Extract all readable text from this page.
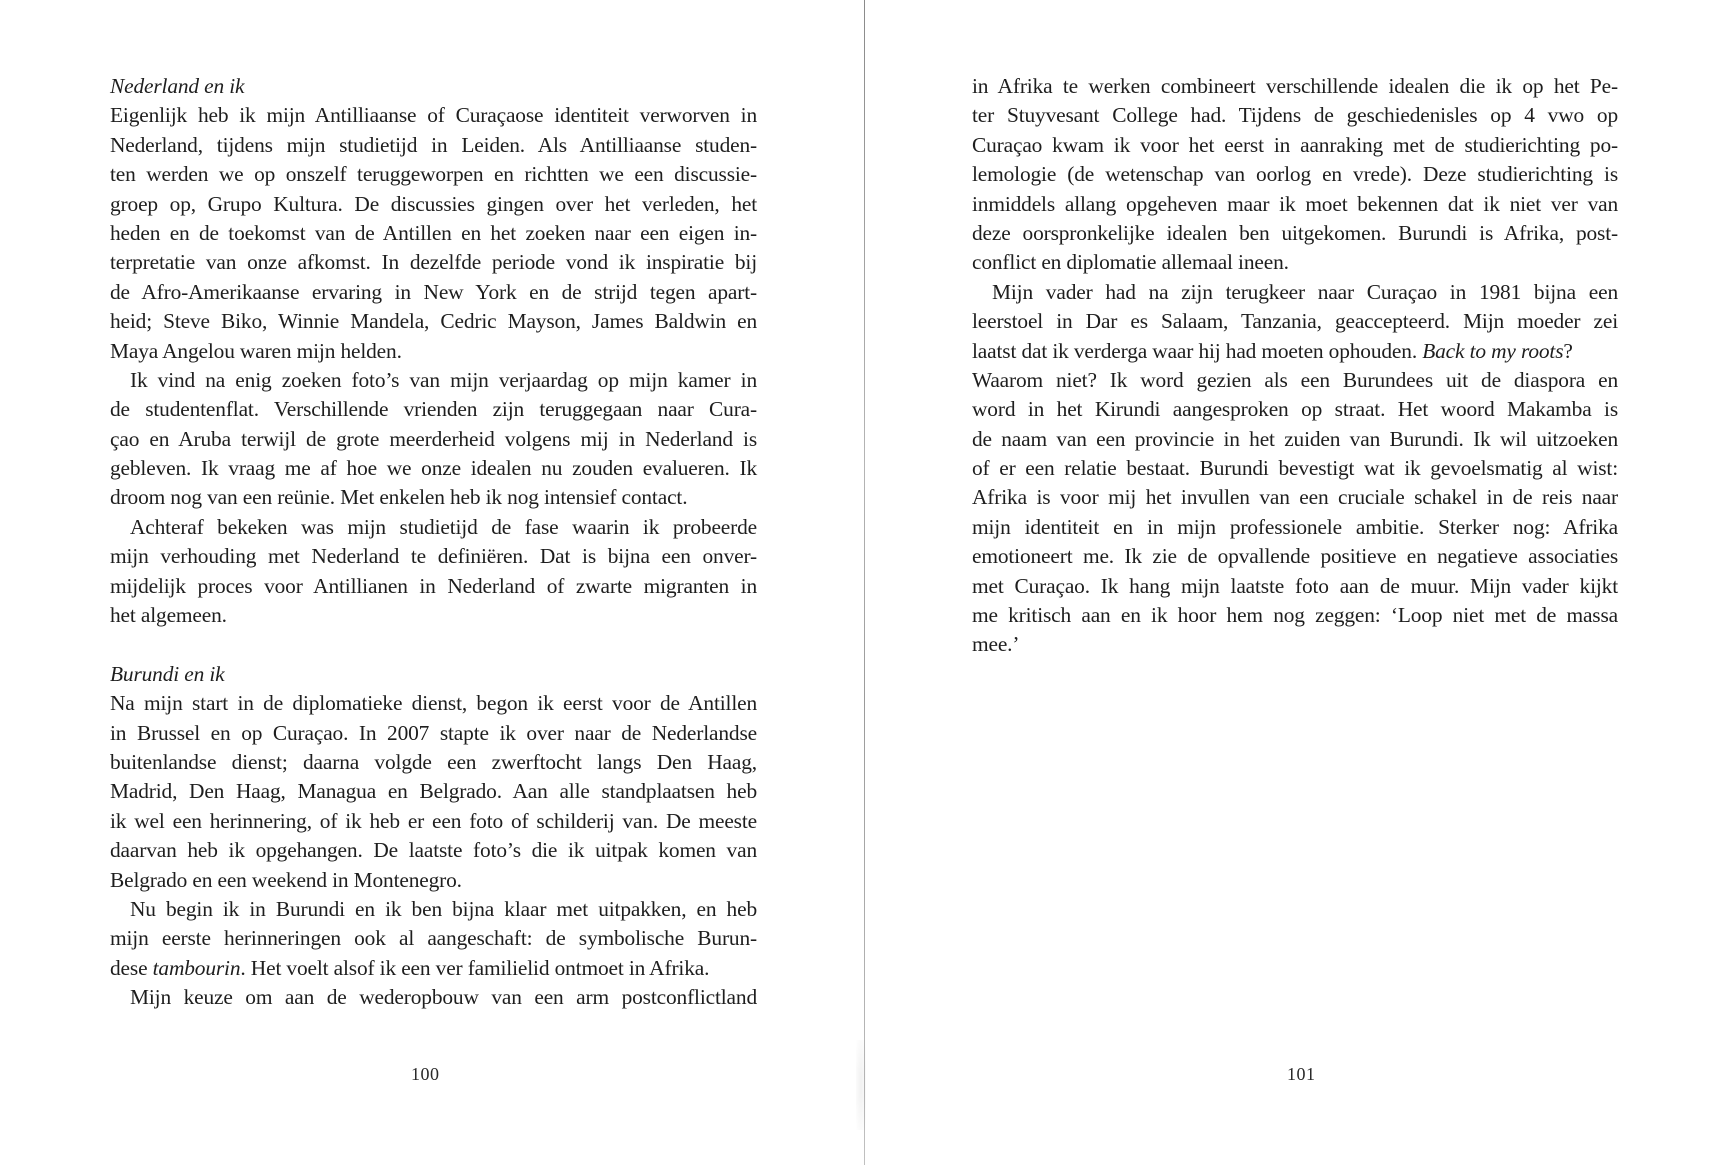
Nederland en ik
Eigenlijk heb ik mijn Antilliaanse of Curaçaose identiteit verworven in
Nederland, tijdens mijn studietijd in Leiden. Als Antilliaanse studen-
ten werden we op onszelf teruggeworpen en richtten we een discussie-
groep op, Grupo Kultura. De discussies gingen over het verleden, het
heden en de toekomst van de Antillen en het zoeken naar een eigen in-
terpretatie van onze afkomst. In dezelfde periode vond ik inspiratie bij
de Afro-Amerikaanse ervaring in New York en de strijd tegen apart-
heid; Steve Biko, Winnie Mandela, Cedric Mayson, James Baldwin en
Maya Angelou waren mijn helden.
Ik vind na enig zoeken foto’s van mijn verjaardag op mijn kamer in
de studentenflat. Verschillende vrienden zijn teruggegaan naar Cura-
çao en Aruba terwijl de grote meerderheid volgens mij in Nederland is
gebleven. Ik vraag me af hoe we onze idealen nu zouden evalueren. Ik
droom nog van een reünie. Met enkelen heb ik nog intensief contact.
Achteraf bekeken was mijn studietijd de fase waarin ik probeerde
mijn verhouding met Nederland te definiëren. Dat is bijna een onver-
mijdelijk proces voor Antillianen in Nederland of zwarte migranten in
het algemeen.
Burundi en ik
Na mijn start in de diplomatieke dienst, begon ik eerst voor de Antillen
in Brussel en op Curaçao. In 2007 stapte ik over naar de Nederlandse
buitenlandse dienst; daarna volgde een zwerftocht langs Den Haag,
Madrid, Den Haag, Managua en Belgrado. Aan alle standplaatsen heb
ik wel een herinnering, of ik heb er een foto of schilderij van. De meeste
daarvan heb ik opgehangen. De laatste foto’s die ik uitpak komen van
Belgrado en een weekend in Montenegro.
Nu begin ik in Burundi en ik ben bijna klaar met uitpakken, en heb
mijn eerste herinneringen ook al aangeschaft: de symbolische Burun-
dese tambourin. Het voelt alsof ik een ver familielid ontmoet in Afrika.
Mijn keuze om aan de wederopbouw van een arm postconflictland
100
in Afrika te werken combineert verschillende idealen die ik op het Pe-
ter Stuyvesant College had. Tijdens de geschiedenisles op 4 vwo op
Curaçao kwam ik voor het eerst in aanraking met de studierichting po-
lemologie (de wetenschap van oorlog en vrede). Deze studierichting is
inmiddels allang opgeheven maar ik moet bekennen dat ik niet ver van
deze oorspronkelijke idealen ben uitgekomen. Burundi is Afrika, post-
conflict en diplomatie allemaal ineen.
Mijn vader had na zijn terugkeer naar Curaçao in 1981 bijna een
leerstoel in Dar es Salaam, Tanzania, geaccepteerd. Mijn moeder zei
laatst dat ik verderga waar hij had moeten ophouden. Back to my roots?
Waarom niet? Ik word gezien als een Burundees uit de diaspora en
word in het Kirundi aangesproken op straat. Het woord Makamba is
de naam van een provincie in het zuiden van Burundi. Ik wil uitzoeken
of er een relatie bestaat. Burundi bevestigt wat ik gevoelsmatig al wist:
Afrika is voor mij het invullen van een cruciale schakel in de reis naar
mijn identiteit en in mijn professionele ambitie. Sterker nog: Afrika
emotioneert me. Ik zie de opvallende positieve en negatieve associaties
met Curaçao. Ik hang mijn laatste foto aan de muur. Mijn vader kijkt
me kritisch aan en ik hoor hem nog zeggen: ‘Loop niet met de massa
mee.’
101
